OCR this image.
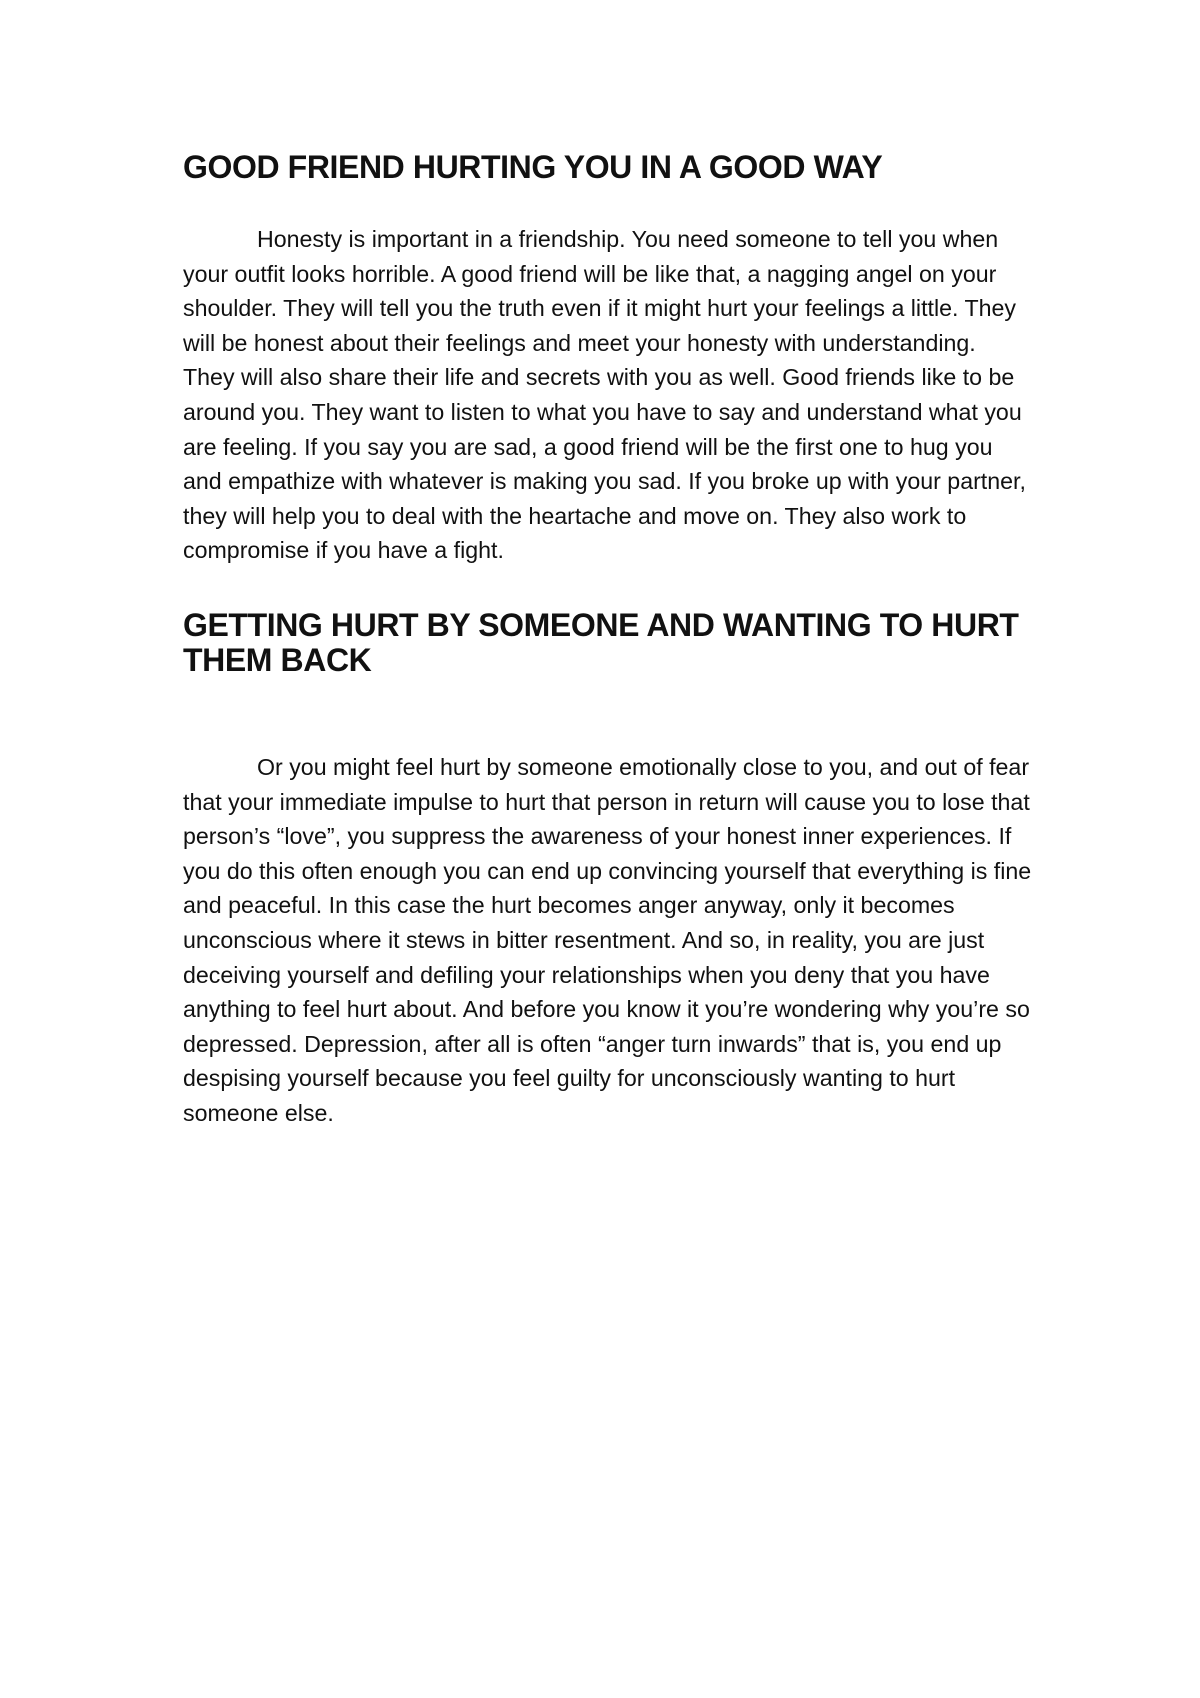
GOOD FRIEND HURTING YOU IN A GOOD WAY

Honesty is important in a friendship. You need someone to tell you when your outfit looks horrible. A good friend will be like that, a nagging angel on your shoulder. They will tell you the truth even if it might hurt your feelings a little. They will be honest about their feelings and meet your honesty with understanding. They will also share their life and secrets with you as well. Good friends like to be around you. They want to listen to what you have to say and understand what you are feeling. If you say you are sad, a good friend will be the first one to hug you and empathize with whatever is making you sad. If you broke up with your partner, they will help you to deal with the heartache and move on. They also work to compromise if you have a fight.

GETTING HURT BY SOMEONE AND WANTING TO HURT THEM BACK

Or you might feel hurt by someone emotionally close to you, and out of fear that your immediate impulse to hurt that person in return will cause you to lose that person’s “love”, you suppress the awareness of your honest inner experiences. If you do this often enough you can end up convincing yourself that everything is fine and peaceful. In this case the hurt becomes anger anyway, only it becomes unconscious where it stews in bitter resentment. And so, in reality, you are just deceiving yourself and defiling your relationships when you deny that you have anything to feel hurt about. And before you know it you’re wondering why you’re so depressed. Depression, after all is often “anger turn inwards” that is, you end up despising yourself because you feel guilty for unconsciously wanting to hurt someone else.
